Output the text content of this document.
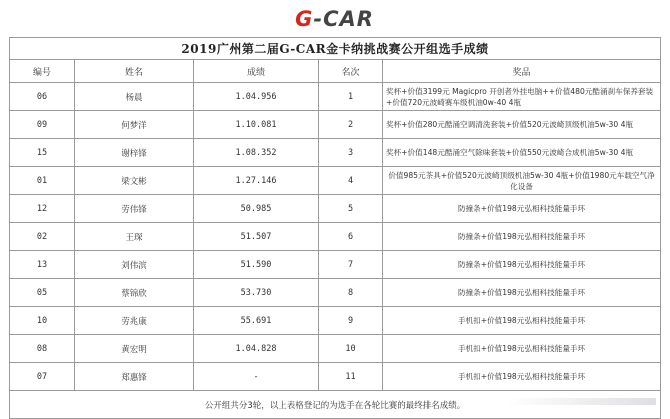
G-CAR
2019广州第二届G-CAR金卡纳挑战赛公开组选手成绩				
编号	姓名	成绩	名次	奖品
06	杨晨	1.04.956	1	奖杯+价值3199元 Magicpro 开创者外挂电脑++价值480元酷涌刹车保养套装+价值720元波崎赛车级机油0w-40 4瓶
09	何梦洋	1.10.081	2	奖杯+价值280元酷涌空调清洗套装+价值520元波崎顶级机油5w-30 4瓶
15	谢梓锋	1.08.352	3	奖杯+价值148元酷涌空气除味套装+价值550元波崎合成机油5w-30 4瓶
01	梁文彬	1.27.146	4	价值985元茶具+价值520元波崎顶级机油5w-30 4瓶+价值1980元车载空气净化设备
12	劳伟锋	50.985	5	防撞条+价值198元弘相科技能量手环
02	王琛	51.507	6	防撞条+价值198元弘相科技能量手环
13	刘伟滨	51.590	7	防撞条+价值198元弘相科技能量手环
05	蔡锦欣	53.730	8	防撞条+价值198元弘相科技能量手环
10	劳兆康	55.691	9	手机扣+价值198元弘相科技能量手环
08	黄宏明	1.04.828	10	手机扣+价值198元弘相科技能量手环
07	郑惠锋	-	11	手机扣+价值198元弘相科技能量手环
公开组共分3轮，以上表格登记的为选手在各轮比赛的最终排名成绩。				
